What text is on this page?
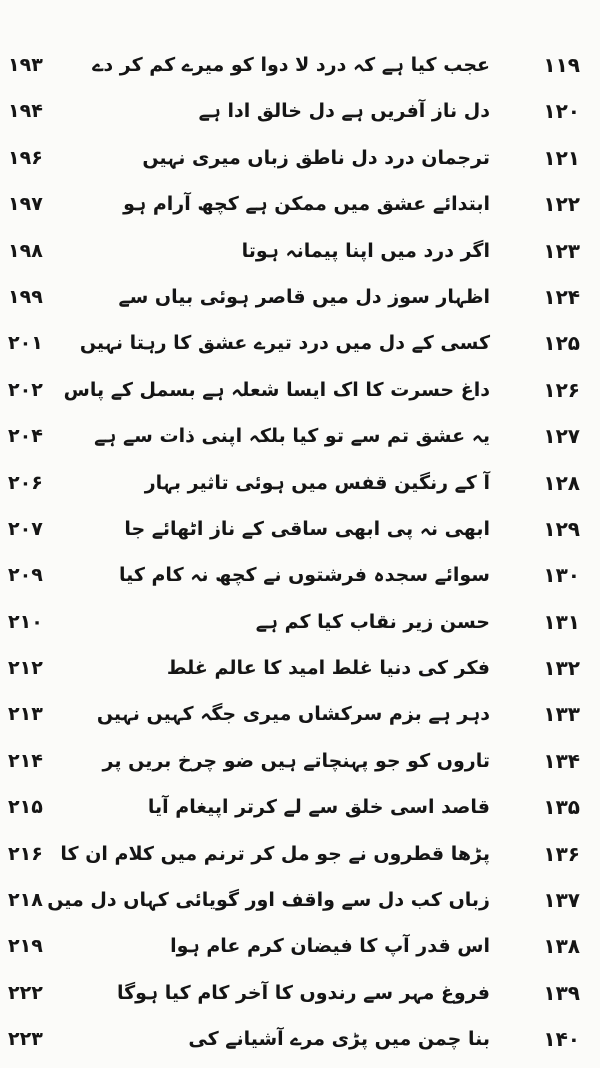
۱۱۹
عجب کیا ہے کہ درد لا دوا کو میرے کم کر دے
۱۹۳
۱۲۰
دل ناز آفریں ہے دل خالق ادا ہے
۱۹۴
۱۲۱
ترجمان درد دل ناطق زباں میری نہیں
۱۹۶
۱۲۲
ابتدائے عشق میں ممکن ہے کچھ آرام ہو
۱۹۷
۱۲۳
اگر درد میں اپنا پیمانہ ہوتا
۱۹۸
۱۲۴
اظہار سوز دل میں قاصر ہوئی بیاں سے
۱۹۹
۱۲۵
کسی کے دل میں درد تیرے عشق کا رہتا نہیں
۲۰۱
۱۲۶
داغ حسرت کا اک ایسا شعلہ ہے بسمل کے پاس
۲۰۲
۱۲۷
یہ عشق تم سے تو کیا بلکہ اپنی ذات سے ہے
۲۰۴
۱۲۸
آ کے رنگین قفس میں ہوئی تاثیر بہار
۲۰۶
۱۲۹
ابھی نہ پی ابھی ساقی کے ناز اٹھائے جا
۲۰۷
۱۳۰
سوائے سجدہ فرشتوں نے کچھ نہ کام کیا
۲۰۹
۱۳۱
حسن زیر نقاب کیا کم ہے
۲۱۰
۱۳۲
فکر کی دنیا غلط امید کا عالم غلط
۲۱۲
۱۳۳
دہر ہے بزم سرکشاں میری جگہ کہیں نہیں
۲۱۳
۱۳۴
تاروں کو جو پہنچاتے ہیں ضو چرخ بریں پر
۲۱۴
۱۳۵
قاصد اسی خلق سے لے کرتر اپیغام آیا
۲۱۵
۱۳۶
پڑھا قطروں نے جو مل کر ترنم میں کلام ان کا
۲۱۶
۱۳۷
زباں کب دل سے واقف اور گویائی کہاں دل میں
۲۱۸
۱۳۸
اس قدر آپ کا فیضان کرم عام ہوا
۲۱۹
۱۳۹
فروغ مہر سے رندوں کا آخر کام کیا ہوگا
۲۲۲
۱۴۰
بنا چمن میں پڑی مرے آشیانے کی
۲۲۳
